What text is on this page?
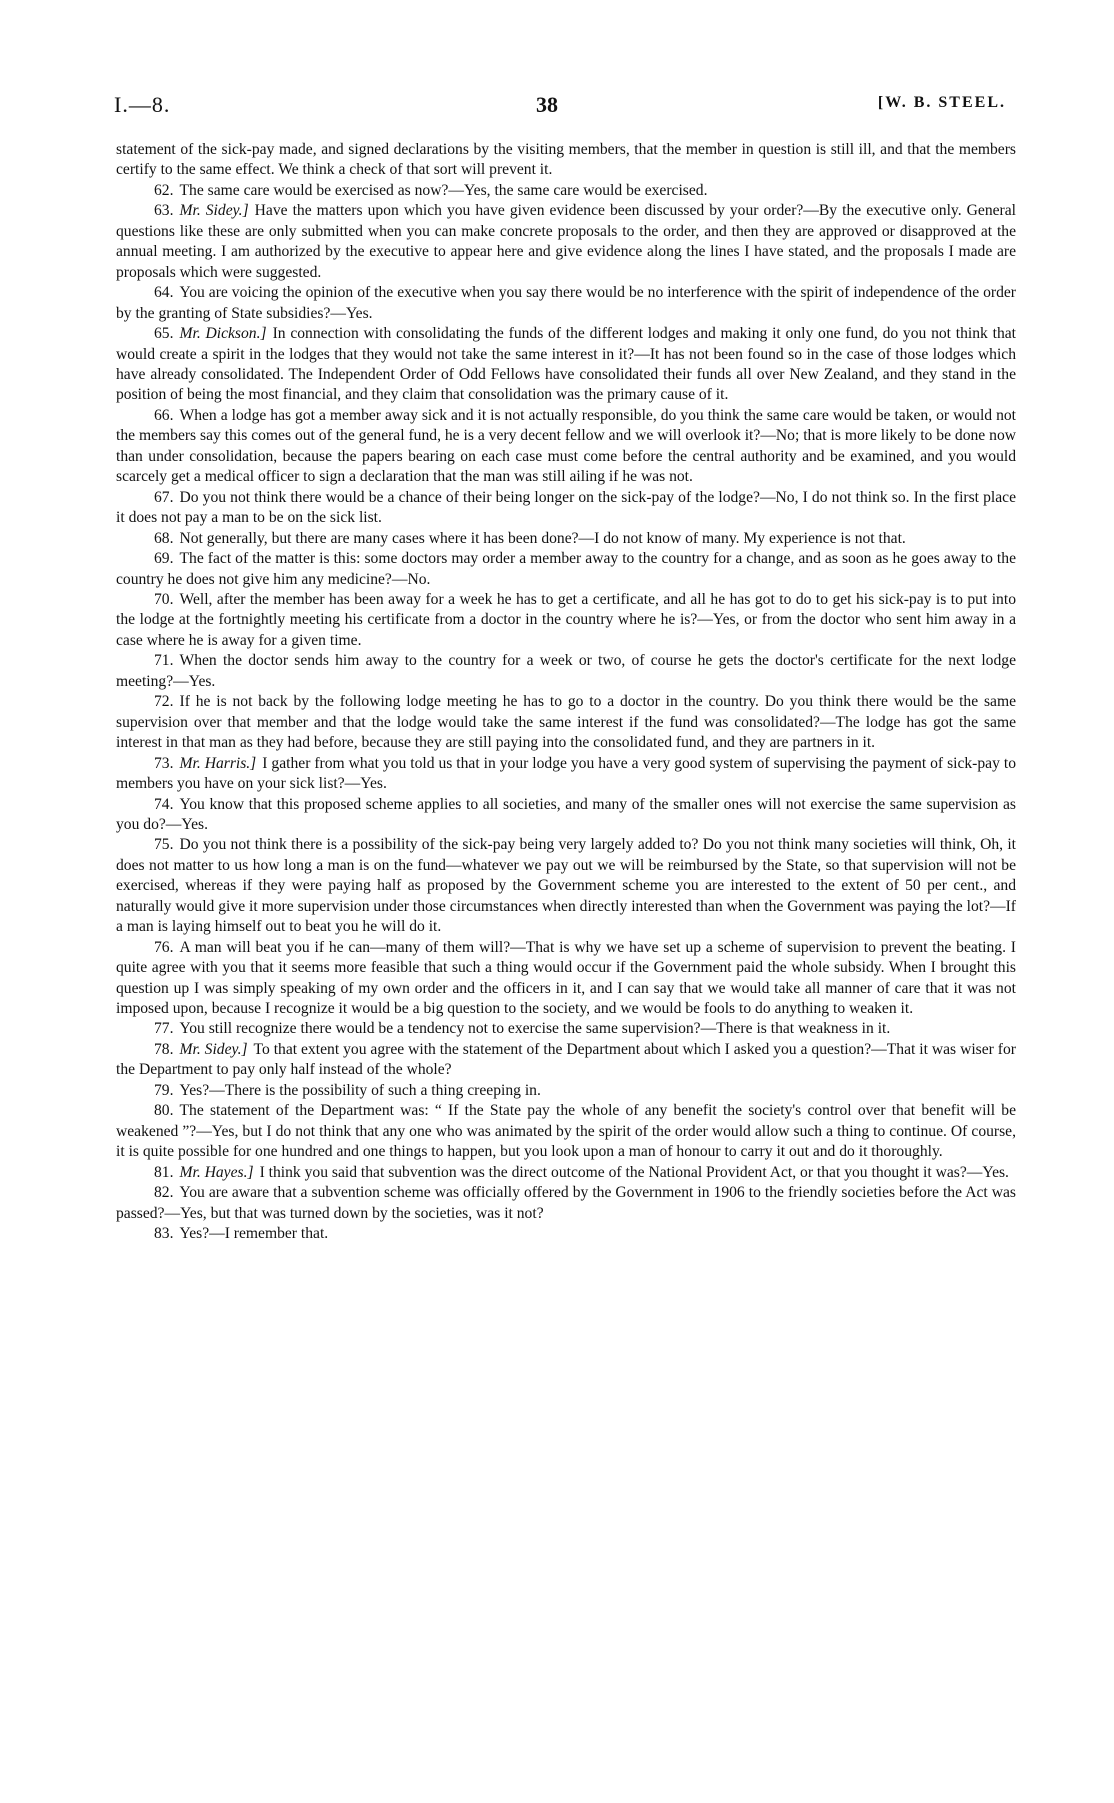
I.—8.	38	[W. B. STEEL.

statement of the sick-pay made, and signed declarations by the visiting members, that the member in question is still ill, and that the members certify to the same effect. We think a check of that sort will prevent it.

62. The same care would be exercised as now?—Yes, the same care would be exercised.

63. Mr. Sidey.] Have the matters upon which you have given evidence been discussed by your order?—By the executive only. General questions like these are only submitted when you can make concrete proposals to the order, and then they are approved or disapproved at the annual meeting. I am authorized by the executive to appear here and give evidence along the lines I have stated, and the proposals I made are proposals which were suggested.

64. You are voicing the opinion of the executive when you say there would be no interference with the spirit of independence of the order by the granting of State subsidies?—Yes.

65. Mr. Dickson.] In connection with consolidating the funds of the different lodges and making it only one fund, do you not think that would create a spirit in the lodges that they would not take the same interest in it?—It has not been found so in the case of those lodges which have already consolidated. The Independent Order of Odd Fellows have consolidated their funds all over New Zealand, and they stand in the position of being the most financial, and they claim that consolidation was the primary cause of it.

66. When a lodge has got a member away sick and it is not actually responsible, do you think the same care would be taken, or would not the members say this comes out of the general fund, he is a very decent fellow and we will overlook it?—No; that is more likely to be done now than under consolidation, because the papers bearing on each case must come before the central authority and be examined, and you would scarcely get a medical officer to sign a declaration that the man was still ailing if he was not.

67. Do you not think there would be a chance of their being longer on the sick-pay of the lodge?—No, I do not think so. In the first place it does not pay a man to be on the sick list.

68. Not generally, but there are many cases where it has been done?—I do not know of many. My experience is not that.

69. The fact of the matter is this: some doctors may order a member away to the country for a change, and as soon as he goes away to the country he does not give him any medicine?—No.

70. Well, after the member has been away for a week he has to get a certificate, and all he has got to do to get his sick-pay is to put into the lodge at the fortnightly meeting his certificate from a doctor in the country where he is?—Yes, or from the doctor who sent him away in a case where he is away for a given time.

71. When the doctor sends him away to the country for a week or two, of course he gets the doctor's certificate for the next lodge meeting?—Yes.

72. If he is not back by the following lodge meeting he has to go to a doctor in the country. Do you think there would be the same supervision over that member and that the lodge would take the same interest if the fund was consolidated?—The lodge has got the same interest in that man as they had before, because they are still paying into the consolidated fund, and they are partners in it.

73. Mr. Harris.] I gather from what you told us that in your lodge you have a very good system of supervising the payment of sick-pay to members you have on your sick list?—Yes.

74. You know that this proposed scheme applies to all societies, and many of the smaller ones will not exercise the same supervision as you do?—Yes.

75. Do you not think there is a possibility of the sick-pay being very largely added to? Do you not think many societies will think, Oh, it does not matter to us how long a man is on the fund—whatever we pay out we will be reimbursed by the State, so that supervision will not be exercised, whereas if they were paying half as proposed by the Government scheme you are interested to the extent of 50 per cent., and naturally would give it more supervision under those circumstances when directly interested than when the Government was paying the lot?—If a man is laying himself out to beat you he will do it.

76. A man will beat you if he can—many of them will?—That is why we have set up a scheme of supervision to prevent the beating. I quite agree with you that it seems more feasible that such a thing would occur if the Government paid the whole subsidy. When I brought this question up I was simply speaking of my own order and the officers in it, and I can say that we would take all manner of care that it was not imposed upon, because I recognize it would be a big question to the society, and we would be fools to do anything to weaken it.

77. You still recognize there would be a tendency not to exercise the same supervision?—There is that weakness in it.

78. Mr. Sidey.] To that extent you agree with the statement of the Department about which I asked you a question?—That it was wiser for the Department to pay only half instead of the whole?

79. Yes?—There is the possibility of such a thing creeping in.

80. The statement of the Department was: “ If the State pay the whole of any benefit the society's control over that benefit will be weakened ”?—Yes, but I do not think that any one who was animated by the spirit of the order would allow such a thing to continue. Of course, it is quite possible for one hundred and one things to happen, but you look upon a man of honour to carry it out and do it thoroughly.

81. Mr. Hayes.] I think you said that subvention was the direct outcome of the National Provident Act, or that you thought it was?—Yes.

82. You are aware that a subvention scheme was officially offered by the Government in 1906 to the friendly societies before the Act was passed?—Yes, but that was turned down by the societies, was it not?

83. Yes?—I remember that.
